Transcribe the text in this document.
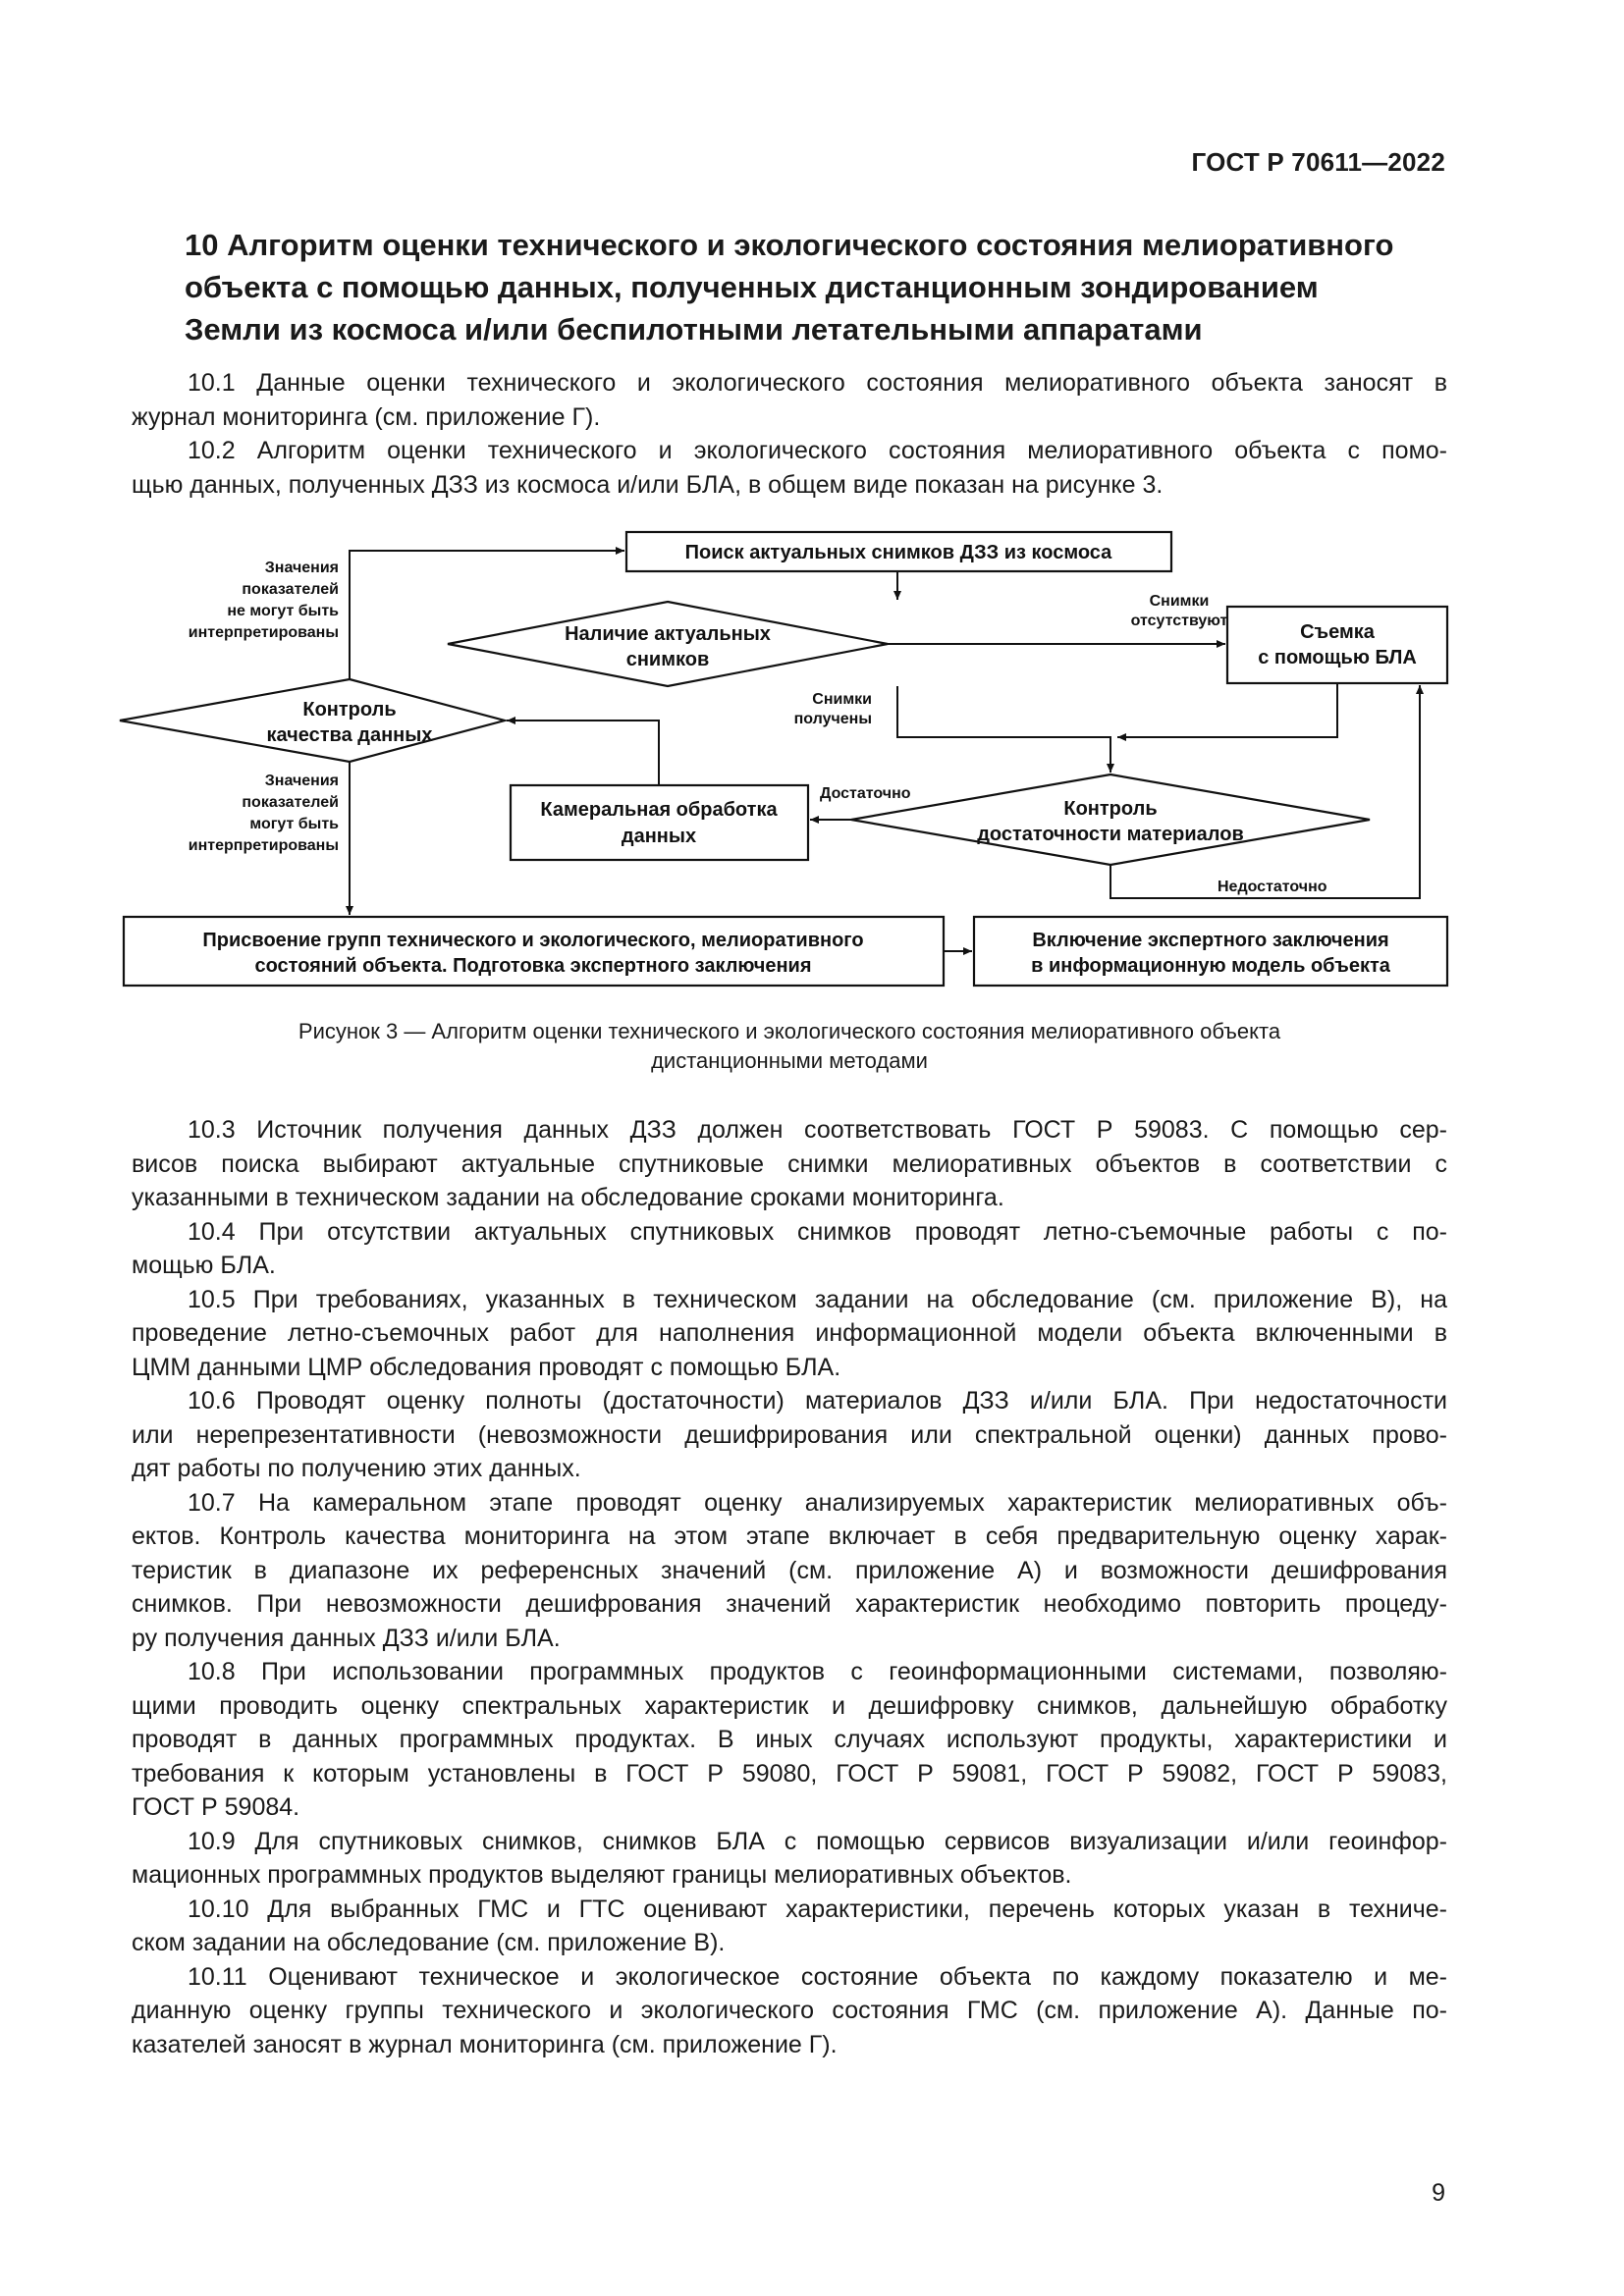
ГОСТ Р 70611—2022
10 Алгоритм оценки технического и экологического состояния мелиоративного
объекта с помощью данных, полученных дистанционным зондированием
Земли из космоса и/или беспилотными летательными аппаратами

10.1 Данные оценки технического и экологического состояния мелиоративного объекта заносят в
журнал мониторинга (см. приложение Г).

10.2 Алгоритм оценки технического и экологического состояния мелиоративного объекта с помо-
щью данных, полученных ДЗЗ из космоса и/или БЛА, в общем виде показан на рисунке 3.

Поиск актуальных снимков ДЗЗ из космоса
Наличие актуальных
снимков
Съемка
с помощью БЛА
Контроль
качества данных
Камеральная обработка
данных
Контроль
достаточности материалов
Присвоение групп технического и экологического, мелиоративного
состояний объекта. Подготовка экспертного заключения
Включение экспертного заключения
в информационную модель объекта
Значения
показателей
не могут быть
интерпретированы
Значения
показателей
могут быть
интерпретированы
Снимки
отсутствуют
Снимки
получены
Достаточно
Недостаточно
Рисунок 3 — Алгоритм оценки технического и экологического состояния мелиоративного объекта
дистанционными методами

10.3 Источник получения данных ДЗЗ должен соответствовать ГОСТ Р 59083. С помощью сер-
висов поиска выбирают актуальные спутниковые снимки мелиоративных объектов в соответствии с
указанными в техническом задании на обследование сроками мониторинга.

10.4 При отсутствии актуальных спутниковых снимков проводят летно-съемочные работы с по-
мощью БЛА.

10.5 При требованиях, указанных в техническом задании на обследование (см. приложение В), на
проведение летно-съемочных работ для наполнения информационной модели объекта включенными в
ЦММ данными ЦМР обследования проводят с помощью БЛА.

10.6 Проводят оценку полноты (достаточности) материалов ДЗЗ и/или БЛА. При недостаточности
или нерепрезентативности (невозможности дешифрирования или спектральной оценки) данных прово-
дят работы по получению этих данных.

10.7 На камеральном этапе проводят оценку анализируемых характеристик мелиоративных объ-
ектов. Контроль качества мониторинга на этом этапе включает в себя предварительную оценку харак-
теристик в диапазоне их референсных значений (см. приложение А) и возможности дешифрования
снимков. При невозможности дешифрования значений характеристик необходимо повторить процеду-
ру получения данных ДЗЗ и/или БЛА.

10.8 При использовании программных продуктов с геоинформационными системами, позволяю-
щими проводить оценку спектральных характеристик и дешифровку снимков, дальнейшую обработку
проводят в данных программных продуктах. В иных случаях используют продукты, характеристики и
требования к которым установлены в ГОСТ Р 59080, ГОСТ Р 59081, ГОСТ Р 59082, ГОСТ Р 59083,
ГОСТ Р 59084.

10.9 Для спутниковых снимков, снимков БЛА с помощью сервисов визуализации и/или геоинфор-
мационных программных продуктов выделяют границы мелиоративных объектов.

10.10 Для выбранных ГМС и ГТС оценивают характеристики, перечень которых указан в техниче-
ском задании на обследование (см. приложение В).

10.11 Оценивают техническое и экологическое состояние объекта по каждому показателю и ме-
дианную оценку группы технического и экологического состояния ГМС (см. приложение А). Данные по-
казателей заносят в журнал мониторинга (см. приложение Г).

9
